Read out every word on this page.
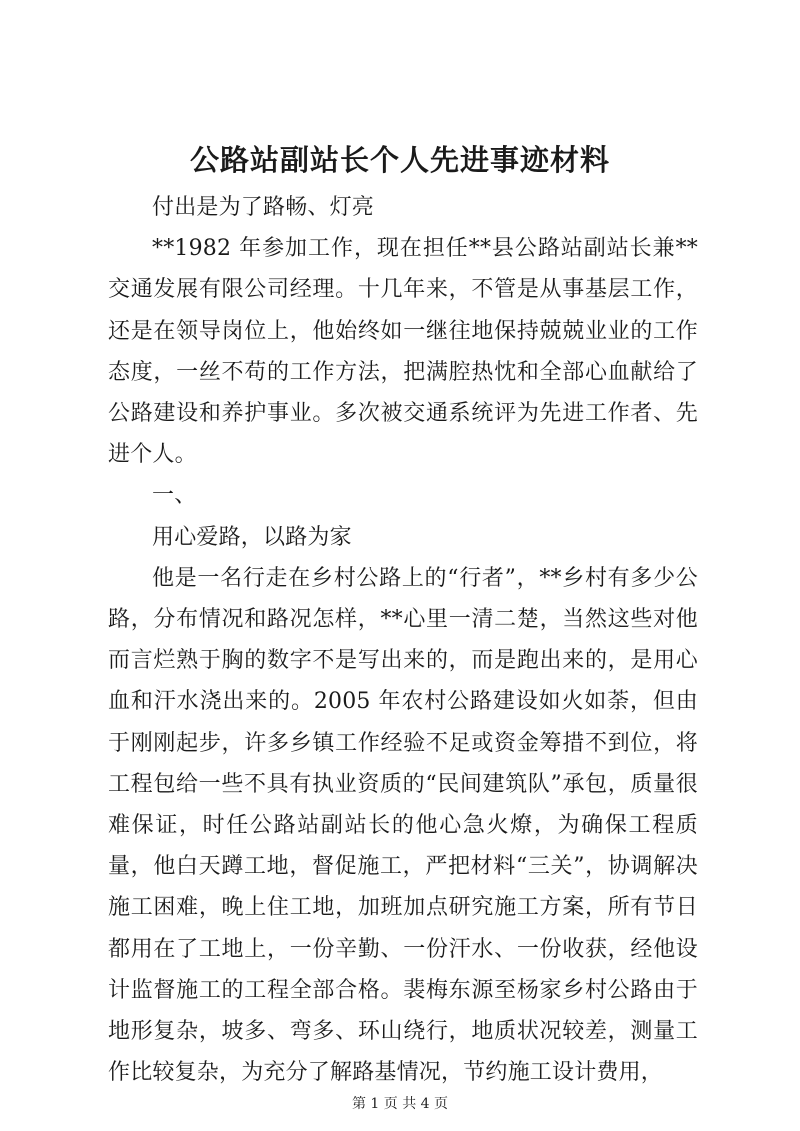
公路站副站长个人先进事迹材料

付出是为了路畅、灯亮

**1982 年参加工作，现在担任**县公路站副站长兼**交通发展有限公司经理。十几年来，不管是从事基层工作，还是在领导岗位上，他始终如一继往地保持兢兢业业的工作态度，一丝不苟的工作方法，把满腔热忱和全部心血献给了公路建设和养护事业。多次被交通系统评为先进工作者、先进个人。

一、

用心爱路，以路为家

他是一名行走在乡村公路上的“行者”，**乡村有多少公路，分布情况和路况怎样，**心里一清二楚，当然这些对他而言烂熟于胸的数字不是写出来的，而是跑出来的，是用心血和汗水浇出来的。2005 年农村公路建设如火如荼，但由于刚刚起步，许多乡镇工作经验不足或资金筹措不到位，将工程包给一些不具有执业资质的“民间建筑队”承包，质量很难保证，时任公路站副站长的他心急火燎，为确保工程质量，他白天蹲工地，督促施工，严把材料“三关”，协调解决施工困难，晚上住工地，加班加点研究施工方案，所有节日都用在了工地上，一份辛勤、一份汗水、一份收获，经他设计监督施工的工程全部合格。裴梅东源至杨家乡村公路由于地形复杂，坡多、弯多、环山绕行，地质状况较差，测量工作比较复杂，为充分了解路基情况，节约施工设计费用，

第 1 页 共 4 页
